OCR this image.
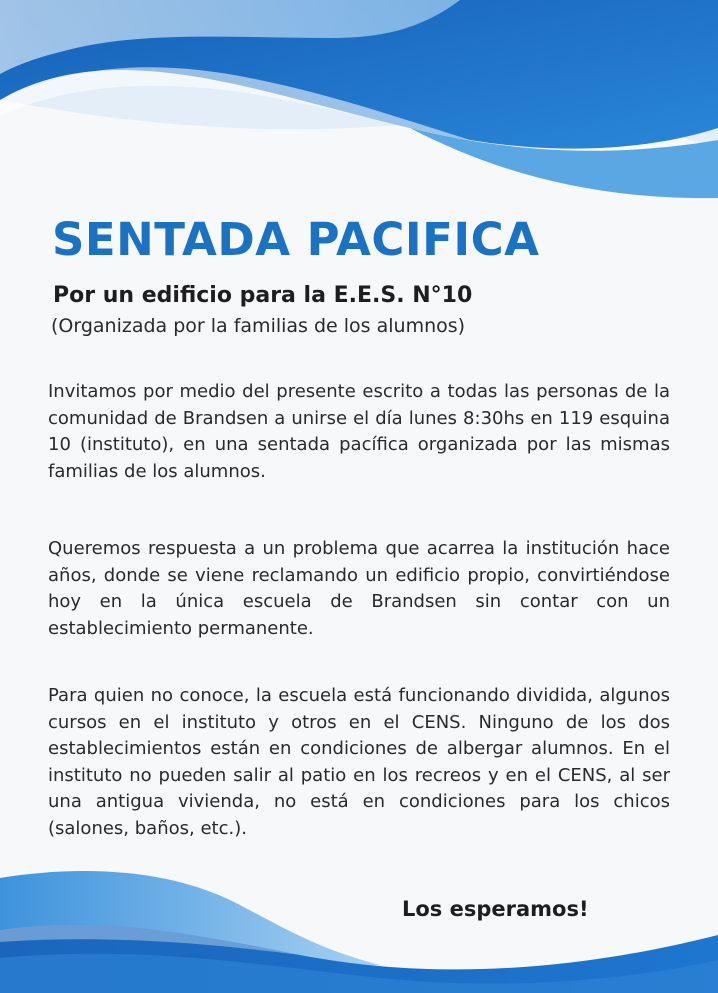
SENTADA PACIFICA
Por un edificio para la E.E.S. N°10

(Organizada por la familias de los alumnos)

Invitamos por medio del presente escrito a todas las personas de la comunidad de Brandsen a unirse el día lunes 8:30hs en 119 esquina 10 (instituto), en una sentada pacífica organizada por las mismas familias de los alumnos.

Queremos respuesta a un problema que acarrea la institución hace años, donde se viene reclamando un edificio propio, convirtiéndose hoy en la única escuela de Brandsen sin contar con un establecimiento permanente.

Para quien no conoce, la escuela está funcionando dividida, algunos cursos en el instituto y otros en el CENS. Ninguno de los dos establecimientos están en condiciones de albergar alumnos. En el instituto no pueden salir al patio en los recreos y en el CENS, al ser una antigua vivienda, no está en condiciones para los chicos (salones, baños, etc.).

Los esperamos!
